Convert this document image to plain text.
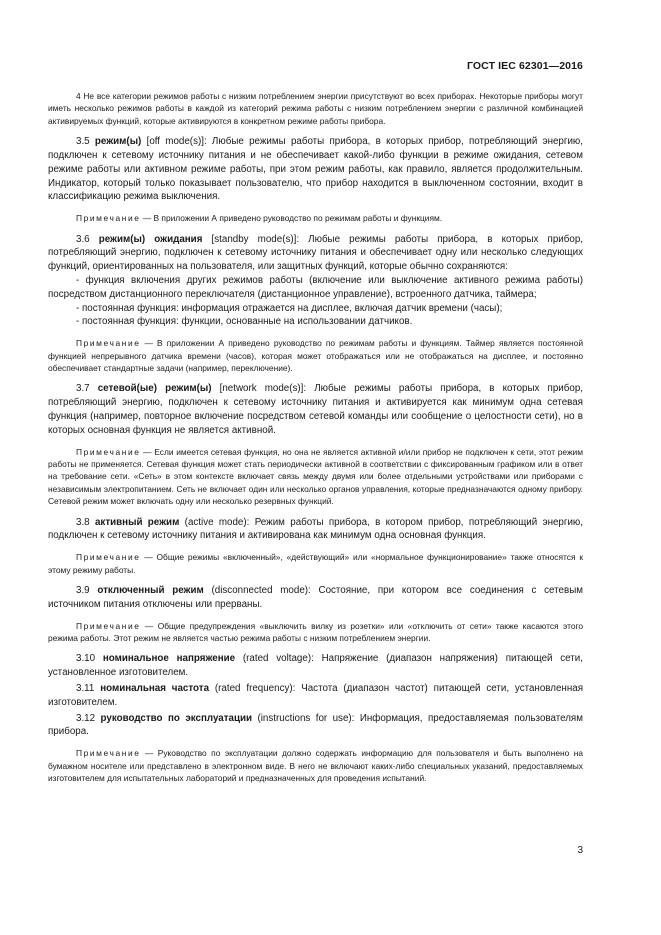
ГОСТ IEC 62301—2016

4 Не все категории режимов работы с низким потреблением энергии присутствуют во всех приборах. Некоторые приборы могут иметь несколько режимов работы в каждой из категорий режима работы с низким потреблением энергии с различной комбинацией активируемых функций, которые активируются в конкретном режиме работы прибора.

3.5 режим(ы) [off mode(s)]: Любые режимы работы прибора, в которых прибор, потребляющий энергию, подключен к сетевому источнику питания и не обеспечивает какой-либо функции в режиме ожидания, сетевом режиме работы или активном режиме работы, при этом режим работы, как правило, является продолжительным. Индикатор, который только показывает пользователю, что прибор находится в выключенном состоянии, входит в классификацию режима выключения.

Примечание — В приложении А приведено руководство по режимам работы и функциям.

3.6 режим(ы) ожидания [standby mode(s)]: Любые режимы работы прибора, в которых прибор, потребляющий энергию, подключен к сетевому источнику питания и обеспечивает одну или несколько следующих функций, ориентированных на пользователя, или защитных функций, которые обычно сохраняются:

- функция включения других режимов работы (включение или выключение активного режима работы) посредством дистанционного переключателя (дистанционное управление), встроенного датчика, таймера;

- постоянная функция: информация отражается на дисплее, включая датчик времени (часы);

- постоянная функция: функции, основанные на использовании датчиков.

Примечание — В приложении А приведено руководство по режимам работы и функциям. Таймер является постоянной функцией непрерывного датчика времени (часов), которая может отображаться или не отображаться на дисплее, и постоянно обеспечивает стандартные задачи (например, переключение).

3.7 сетевой(ые) режим(ы) [network mode(s)]: Любые режимы работы прибора, в которых прибор, потребляющий энергию, подключен к сетевому источнику питания и активируется как минимум одна сетевая функция (например, повторное включение посредством сетевой команды или сообщение о целостности сети), но в которых основная функция не является активной.

Примечание — Если имеется сетевая функция, но она не является активной и/или прибор не подключен к сети, этот режим работы не применяется. Сетевая функция может стать периодически активной в соответствии с фиксированным графиком или в ответ на требование сети. «Сеть» в этом контексте включает связь между двумя или более отдельными устройствами или приборами с независимым электропитанием. Сеть не включает один или несколько органов управления, которые предназначаются одному прибору. Сетевой режим может включать одну или несколько резервных функций.

3.8 активный режим (active mode): Режим работы прибора, в котором прибор, потребляющий энергию, подключен к сетевому источнику питания и активирована как минимум одна основная функция.

Примечание — Общие режимы «включенный», «действующий» или «нормальное функционирование» также относятся к этому режиму работы.

3.9 отключенный режим (disconnected mode): Состояние, при котором все соединения с сетевым источником питания отключены или прерваны.

Примечание — Общие предупреждения «выключить вилку из розетки» или «отключить от сети» также касаются этого режима работы. Этот режим не является частью режима работы с низким потреблением энергии.

3.10 номинальное напряжение (rated voltage): Напряжение (диапазон напряжения) питающей сети, установленное изготовителем.

3.11 номинальная частота (rated frequency): Частота (диапазон частот) питающей сети, установленная изготовителем.

3.12 руководство по эксплуатации (instructions for use): Информация, предоставляемая пользователям прибора.

Примечание — Руководство по эксплуатации должно содержать информацию для пользователя и быть выполнено на бумажном носителе или представлено в электронном виде. В него не включают каких-либо специальных указаний, предоставляемых изготовителем для испытательных лабораторий и предназначенных для проведения испытаний.

3
